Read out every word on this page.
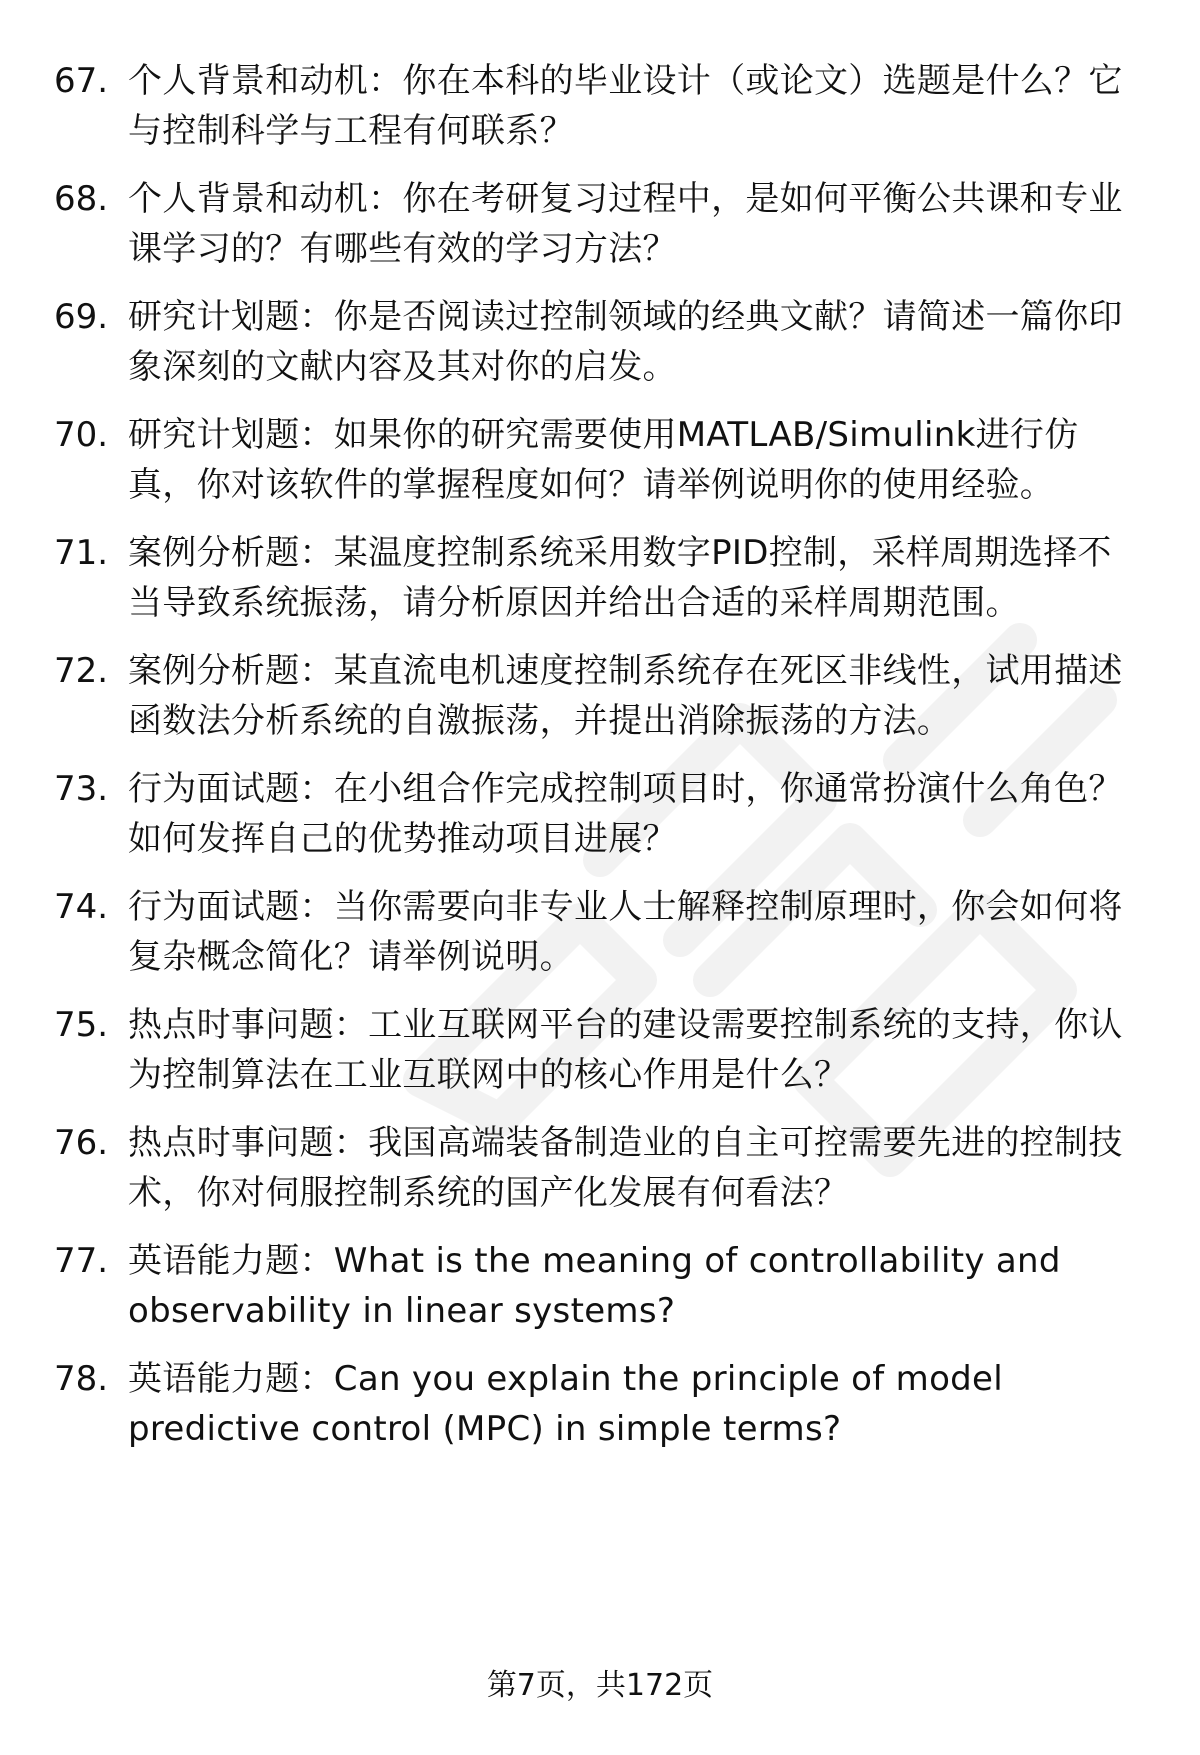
67. 个人背景和动机：你在本科的毕业设计（或论文）选题是什么？它与控制科学与工程有何联系？
68. 个人背景和动机：你在考研复习过程中，是如何平衡公共课和专业课学习的？有哪些有效的学习方法？
69. 研究计划题：你是否阅读过控制领域的经典文献？请简述一篇你印象深刻的文献内容及其对你的启发。
70. 研究计划题：如果你的研究需要使用MATLAB/Simulink进行仿真，你对该软件的掌握程度如何？请举例说明你的使用经验。
71. 案例分析题：某温度控制系统采用数字PID控制，采样周期选择不当导致系统振荡，请分析原因并给出合适的采样周期范围。
72. 案例分析题：某直流电机速度控制系统存在死区非线性，试用描述函数法分析系统的自激振荡，并提出消除振荡的方法。
73. 行为面试题：在小组合作完成控制项目时，你通常扮演什么角色？如何发挥自己的优势推动项目进展？
74. 行为面试题：当你需要向非专业人士解释控制原理时，你会如何将复杂概念简化？请举例说明。
75. 热点时事问题：工业互联网平台的建设需要控制系统的支持，你认为控制算法在工业互联网中的核心作用是什么？
76. 热点时事问题：我国高端装备制造业的自主可控需要先进的控制技术，你对伺服控制系统的国产化发展有何看法？
77. 英语能力题：What is the meaning of controllability and observability in linear systems?
78. 英语能力题：Can you explain the principle of model predictive control (MPC) in simple terms?
第7页，共172页
